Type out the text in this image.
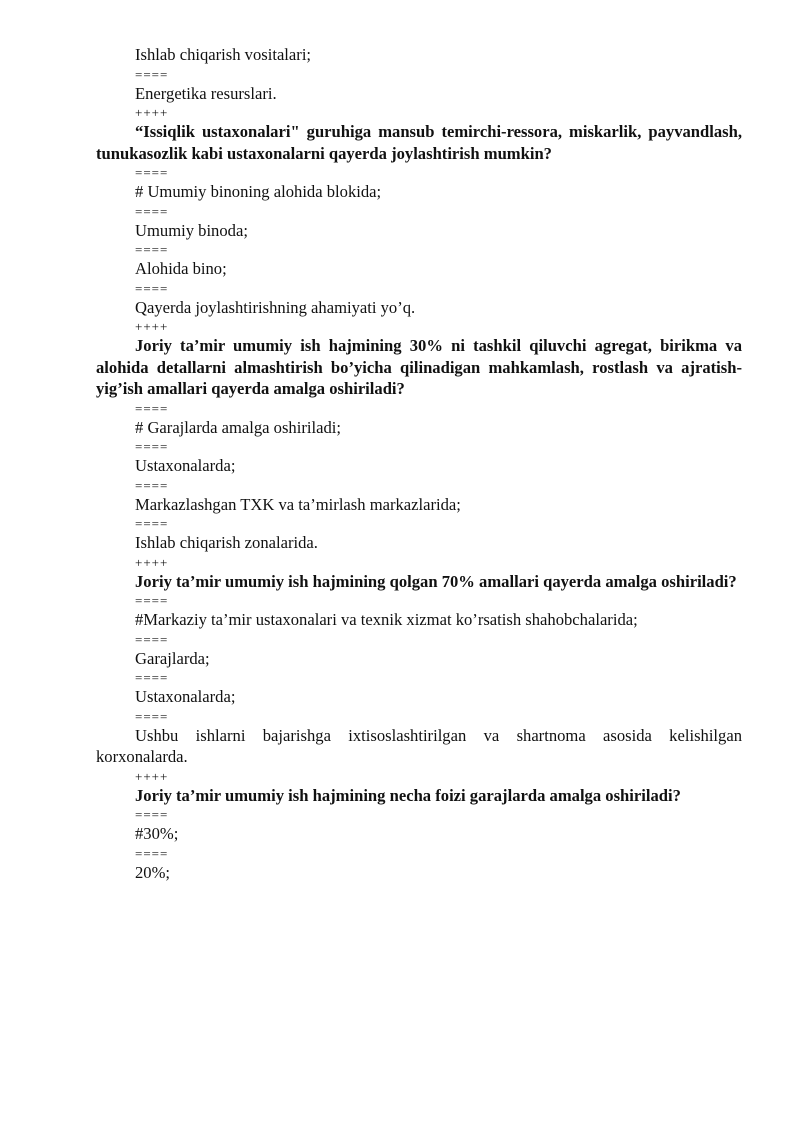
Ishlab chiqarish vositalari;

====

Energetika resurslari.

++++

“Issiqlik ustaxonalari" guruhiga mansub temirchi-ressora, miskarlik, payvandlash, tunukasozlik kabi ustaxonalarni qayerda joylashtirish mumkin?

====

# Umumiy binoning alohida blokida;

====

Umumiy binoda;

====

Alohida bino;

====

Qayerda joylashtirishning ahamiyati yo’q.

++++

Joriy ta’mir umumiy ish hajmining 30% ni tashkil qiluvchi agregat, birikma va alohida detallarni almashtirish bo’yicha qilinadigan mahkamlash, rostlash va ajratish-yig’ish amallari qayerda amalga oshiriladi?

====

# Garajlarda amalga oshiriladi;

====

Ustaxonalarda;

====

Markazlashgan TXK va ta’mirlash markazlarida;

====

Ishlab chiqarish zonalarida.

++++

Joriy ta’mir umumiy ish hajmining qolgan 70% amallari qayerda amalga oshiriladi?

====

#Markaziy ta’mir ustaxonalari va texnik xizmat ko’rsatish shahobchalarida;

====

Garajlarda;

====

Ustaxonalarda;

====

Ushbu ishlarni bajarishga ixtisoslashtirilgan va shartnoma asosida kelishilgan korxonalarda.

++++

Joriy ta’mir umumiy ish hajmining necha foizi garajlarda amalga oshiriladi?

====

#30%;

====

20%;
